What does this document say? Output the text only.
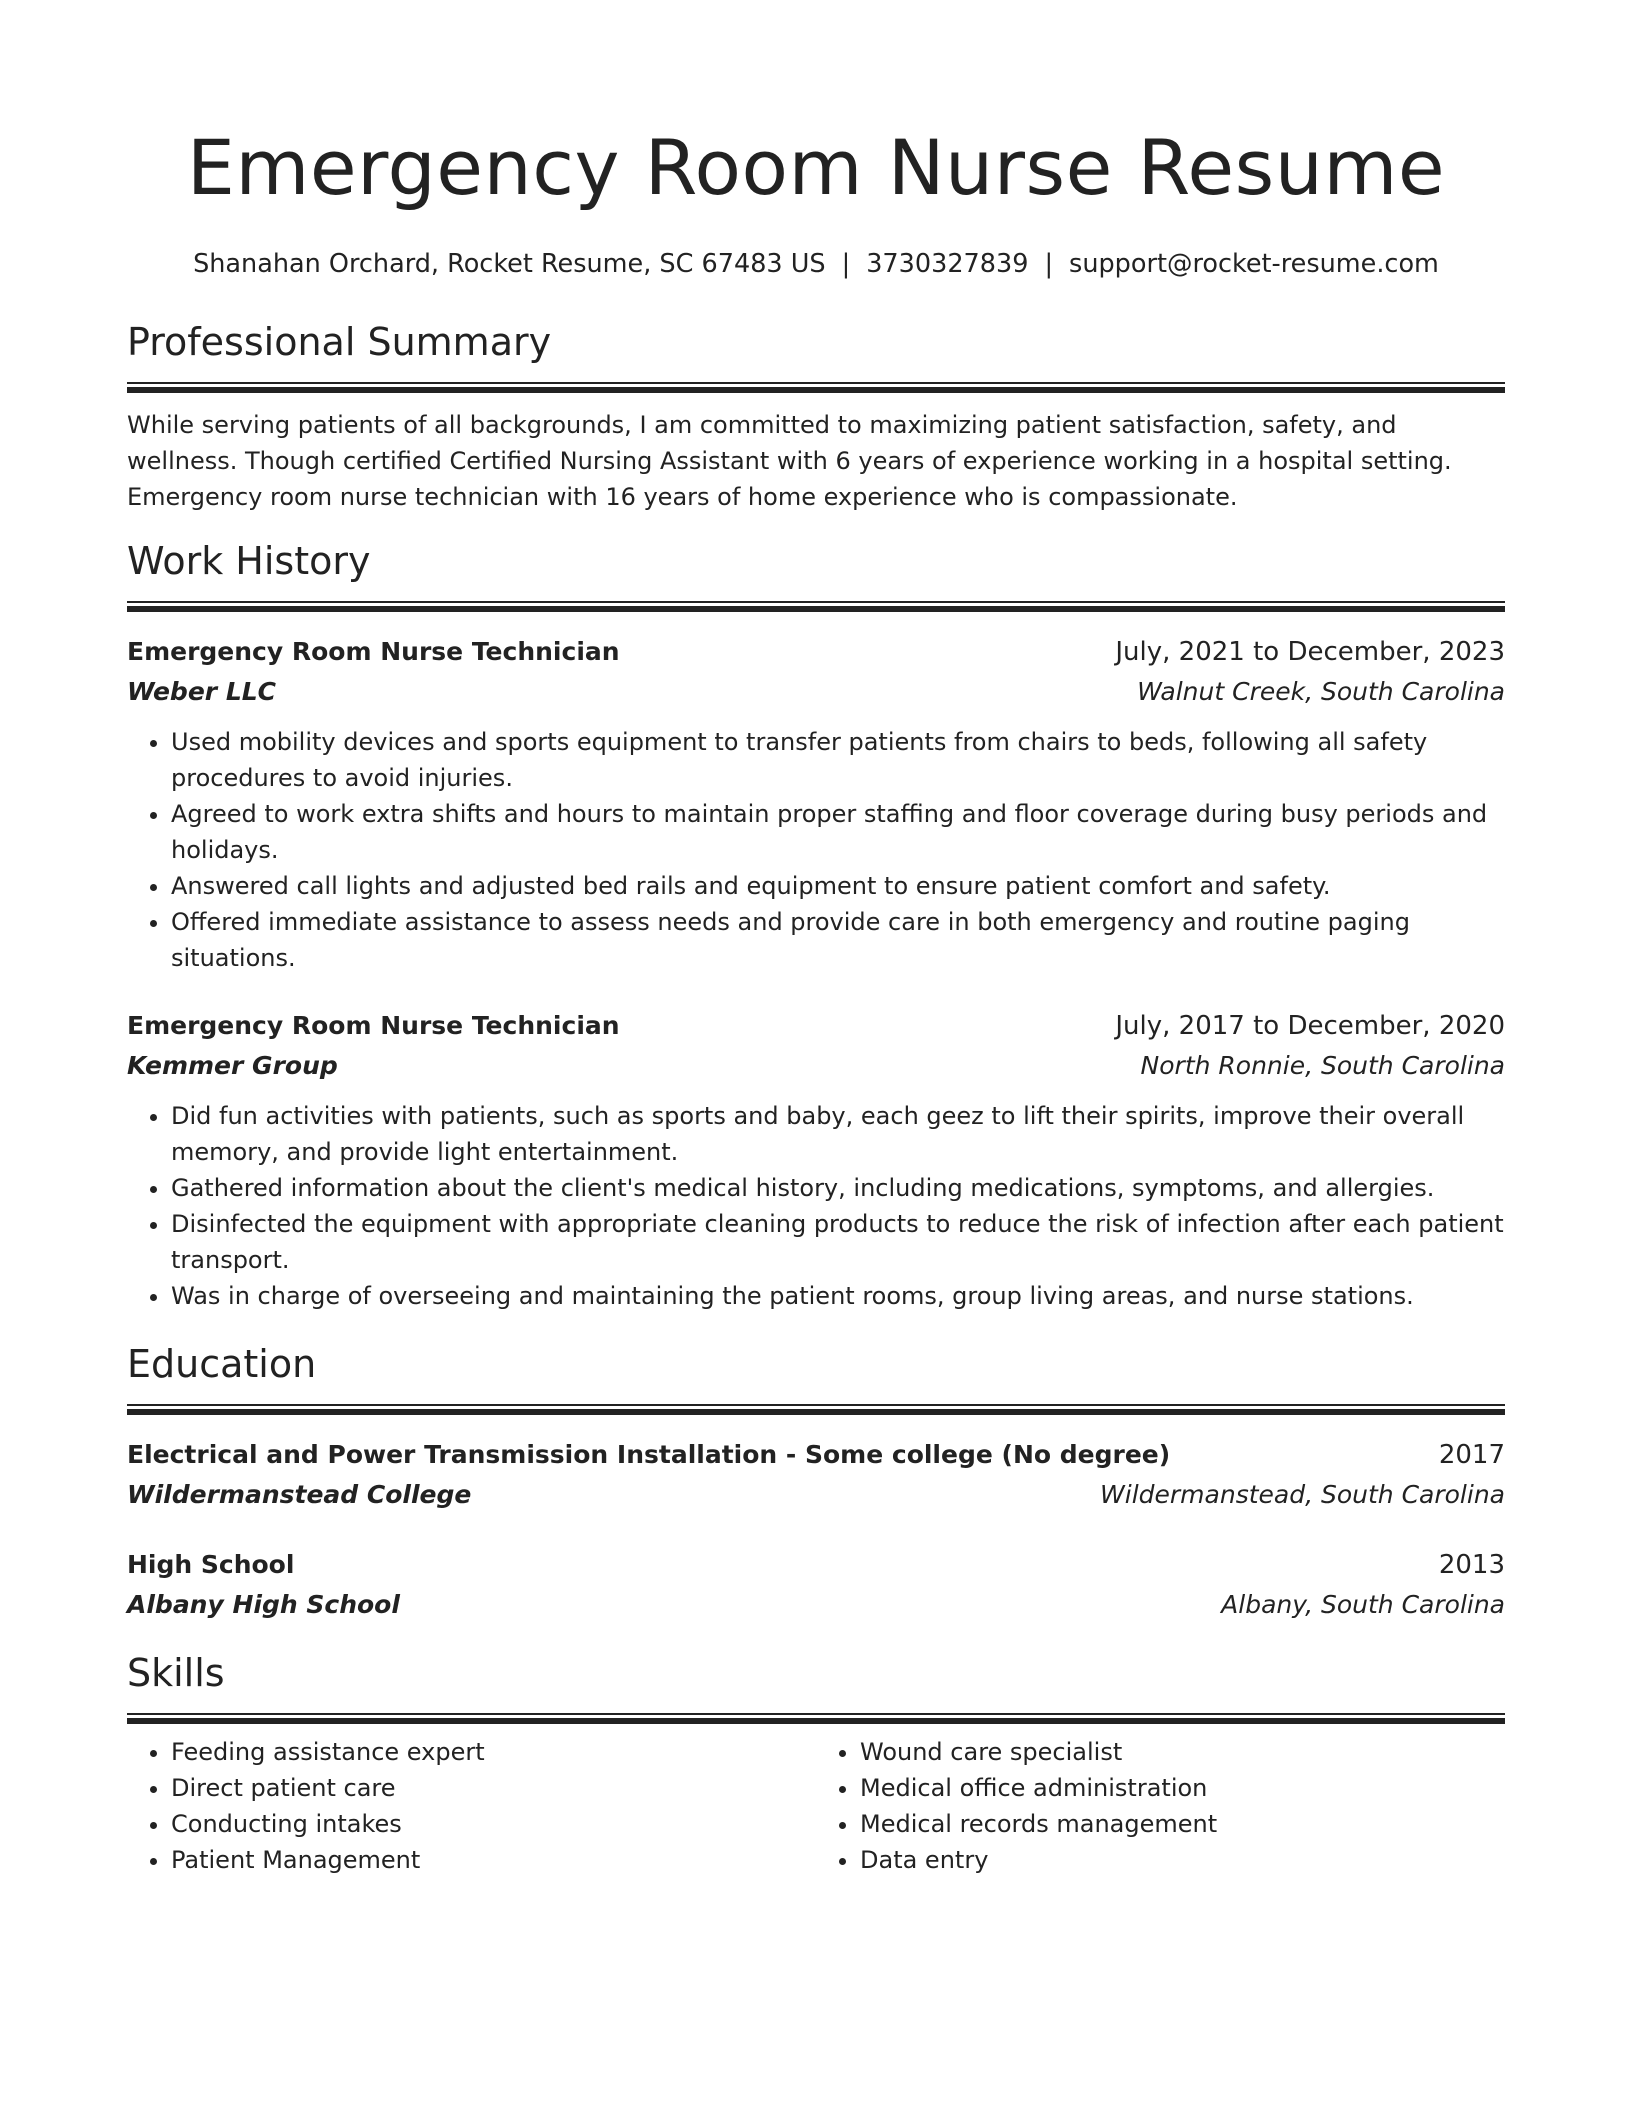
Emergency Room Nurse Resume
Shanahan Orchard, Rocket Resume, SC 67483 US | 3730327839 | support@rocket-resume.com
Professional Summary
While serving patients of all backgrounds, I am committed to maximizing patient satisfaction, safety, and wellness. Though certified Certified Nursing Assistant with 6 years of experience working in a hospital setting. Emergency room nurse technician with 16 years of home experience who is compassionate.
Work History
Emergency Room Nurse Technician	July, 2021 to December, 2023
Weber LLC	Walnut Creek, South Carolina
• Used mobility devices and sports equipment to transfer patients from chairs to beds, following all safety procedures to avoid injuries.
• Agreed to work extra shifts and hours to maintain proper staffing and floor coverage during busy periods and holidays.
• Answered call lights and adjusted bed rails and equipment to ensure patient comfort and safety.
• Offered immediate assistance to assess needs and provide care in both emergency and routine paging situations.
Emergency Room Nurse Technician	July, 2017 to December, 2020
Kemmer Group	North Ronnie, South Carolina
• Did fun activities with patients, such as sports and baby, each geez to lift their spirits, improve their overall memory, and provide light entertainment.
• Gathered information about the client's medical history, including medications, symptoms, and allergies.
• Disinfected the equipment with appropriate cleaning products to reduce the risk of infection after each patient transport.
• Was in charge of overseeing and maintaining the patient rooms, group living areas, and nurse stations.
Education
Electrical and Power Transmission Installation - Some college (No degree)	2017
Wildermanstead College	Wildermanstead, South Carolina
High School	2013
Albany High School	Albany, South Carolina
Skills
• Feeding assistance expert
• Direct patient care
• Conducting intakes
• Patient Management
• Wound care specialist
• Medical office administration
• Medical records management
• Data entry
